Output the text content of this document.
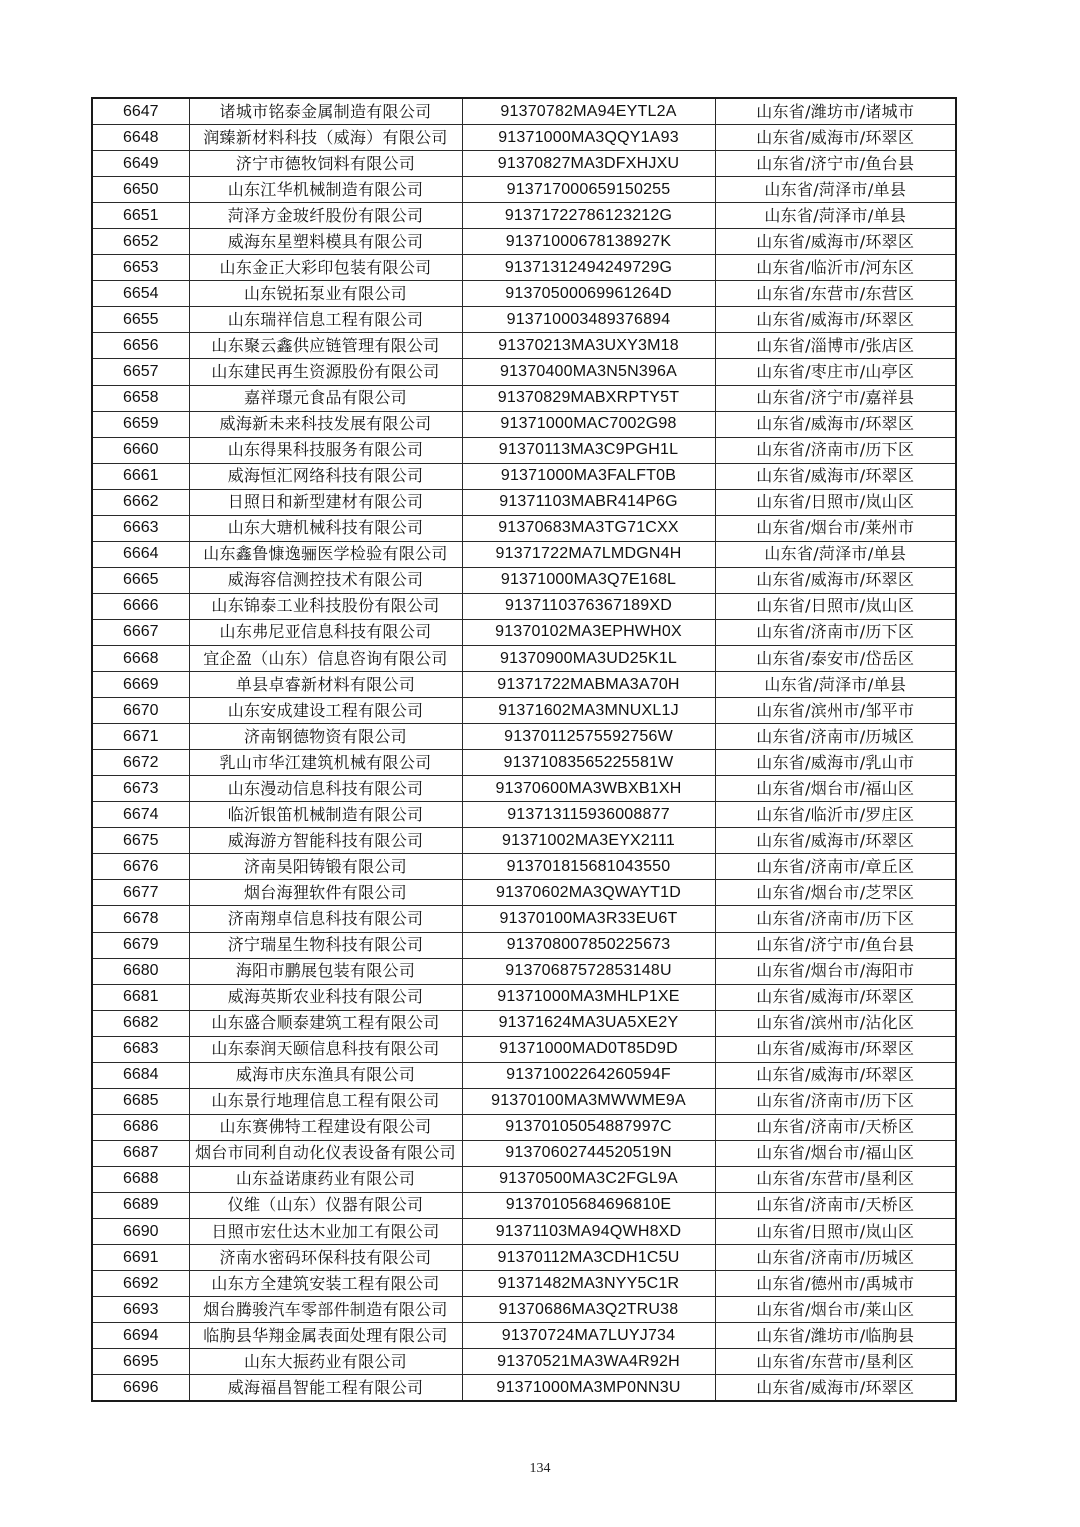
6647	诸城市铭泰金属制造有限公司	91370782MA94EYTL2A	山东省/潍坊市/诸城市
6648	润臻新材料科技（威海）有限公司	91371000MA3QQY1A93	山东省/威海市/环翠区
6649	济宁市德牧饲料有限公司	91370827MA3DFXHJXU	山东省/济宁市/鱼台县
6650	山东江华机械制造有限公司	913717000659150255	山东省/菏泽市/单县
6651	菏泽方金玻纤股份有限公司	91371722786123212G	山东省/菏泽市/单县
6652	威海东星塑料模具有限公司	91371000678138927K	山东省/威海市/环翠区
6653	山东金正大彩印包装有限公司	91371312494249729G	山东省/临沂市/河东区
6654	山东锐拓泵业有限公司	91370500069961264D	山东省/东营市/东营区
6655	山东瑞祥信息工程有限公司	913710003489376894	山东省/威海市/环翠区
6656	山东聚云鑫供应链管理有限公司	91370213MA3UXY3M18	山东省/淄博市/张店区
6657	山东建民再生资源股份有限公司	91370400MA3N5N396A	山东省/枣庄市/山亭区
6658	嘉祥璟元食品有限公司	91370829MABXRPTY5T	山东省/济宁市/嘉祥县
6659	威海新未来科技发展有限公司	91371000MAC7002G98	山东省/威海市/环翠区
6660	山东得果科技服务有限公司	91370113MA3C9PGH1L	山东省/济南市/历下区
6661	威海恒汇网络科技有限公司	91371000MA3FALFT0B	山东省/威海市/环翠区
6662	日照日和新型建材有限公司	91371103MABR414P6G	山东省/日照市/岚山区
6663	山东大瑭机械科技有限公司	91370683MA3TG71CXX	山东省/烟台市/莱州市
6664	山东鑫鲁慷逸骊医学检验有限公司	91371722MA7LMDGN4H	山东省/菏泽市/单县
6665	威海容信测控技术有限公司	91371000MA3Q7E168L	山东省/威海市/环翠区
6666	山东锦泰工业科技股份有限公司	9137110376367189XD	山东省/日照市/岚山区
6667	山东弗尼亚信息科技有限公司	91370102MA3EPHWH0X	山东省/济南市/历下区
6668	宜企盈（山东）信息咨询有限公司	91370900MA3UD25K1L	山东省/泰安市/岱岳区
6669	单县卓睿新材料有限公司	91371722MABMA3A70H	山东省/菏泽市/单县
6670	山东安成建设工程有限公司	91371602MA3MNUXL1J	山东省/滨州市/邹平市
6671	济南钢德物资有限公司	91370112575592756W	山东省/济南市/历城区
6672	乳山市华江建筑机械有限公司	91371083565225581W	山东省/威海市/乳山市
6673	山东漫动信息科技有限公司	91370600MA3WBXB1XH	山东省/烟台市/福山区
6674	临沂银笛机械制造有限公司	913713115936008877	山东省/临沂市/罗庄区
6675	威海游方智能科技有限公司	91371002MA3EYX2111	山东省/威海市/环翠区
6676	济南昊阳铸锻有限公司	913701815681043550	山东省/济南市/章丘区
6677	烟台海狸软件有限公司	91370602MA3QWAYT1D	山东省/烟台市/芝罘区
6678	济南翔卓信息科技有限公司	91370100MA3R33EU6T	山东省/济南市/历下区
6679	济宁瑞星生物科技有限公司	913708007850225673	山东省/济宁市/鱼台县
6680	海阳市鹏展包装有限公司	91370687572853148U	山东省/烟台市/海阳市
6681	威海英斯农业科技有限公司	91371000MA3MHLP1XE	山东省/威海市/环翠区
6682	山东盛合顺泰建筑工程有限公司	91371624MA3UA5XE2Y	山东省/滨州市/沾化区
6683	山东泰润天颐信息科技有限公司	91371000MAD0T85D9D	山东省/威海市/环翠区
6684	威海市庆东渔具有限公司	91371002264260594F	山东省/威海市/环翠区
6685	山东景行地理信息工程有限公司	91370100MA3MWWME9A	山东省/济南市/历下区
6686	山东赛佛特工程建设有限公司	91370105054887997C	山东省/济南市/天桥区
6687	烟台市同利自动化仪表设备有限公司	91370602744520519N	山东省/烟台市/福山区
6688	山东益诺康药业有限公司	91370500MA3C2FGL9A	山东省/东营市/垦利区
6689	仪维（山东）仪器有限公司	91370105684696810E	山东省/济南市/天桥区
6690	日照市宏仕达木业加工有限公司	91371103MA94QWH8XD	山东省/日照市/岚山区
6691	济南水密码环保科技有限公司	91370112MA3CDH1C5U	山东省/济南市/历城区
6692	山东方全建筑安装工程有限公司	91371482MA3NYY5C1R	山东省/德州市/禹城市
6693	烟台腾骏汽车零部件制造有限公司	91370686MA3Q2TRU38	山东省/烟台市/莱山区
6694	临朐县华翔金属表面处理有限公司	91370724MA7LUYJ734	山东省/潍坊市/临朐县
6695	山东大振药业有限公司	91370521MA3WA4R92H	山东省/东营市/垦利区
6696	威海福昌智能工程有限公司	91371000MA3MP0NN3U	山东省/威海市/环翠区
134
